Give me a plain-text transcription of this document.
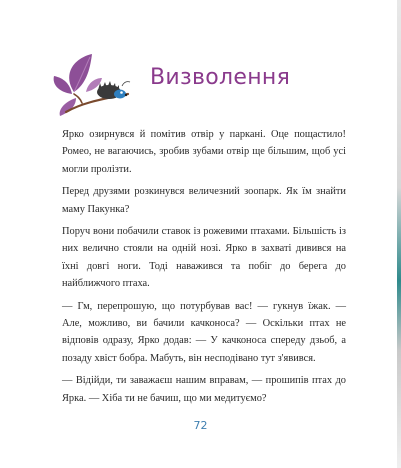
Визволення

Ярко озирнувся й помітив отвір у паркані. Оце пощастило! Ромео, не вагаючись, зробив зубами отвір ще більшим, щоб усі могли пролізти.

Перед друзями розкинувся величезний зоопарк. Як їм знайти маму Пакунка?

Поруч вони побачили ставок із рожевими птахами. Більшість із них велично стояли на одній нозі. Ярко в захваті дивився на їхні довгі ноги. Тоді наважився та побіг до берега до найближчого птаха.

— Гм, перепрошую, що потурбував вас! — гукнув їжак. — Але, можливо, ви бачили качконоса? — Оскільки птах не відповів одразу, Ярко додав: — У качконоса спереду дзьоб, а позаду хвіст бобра. Мабуть, він несподівано тут з'явився.

— Відійди, ти заважаєш нашим вправам, — прошипів птах до Ярка. — Хіба ти не бачиш, що ми медитуємо?

72
